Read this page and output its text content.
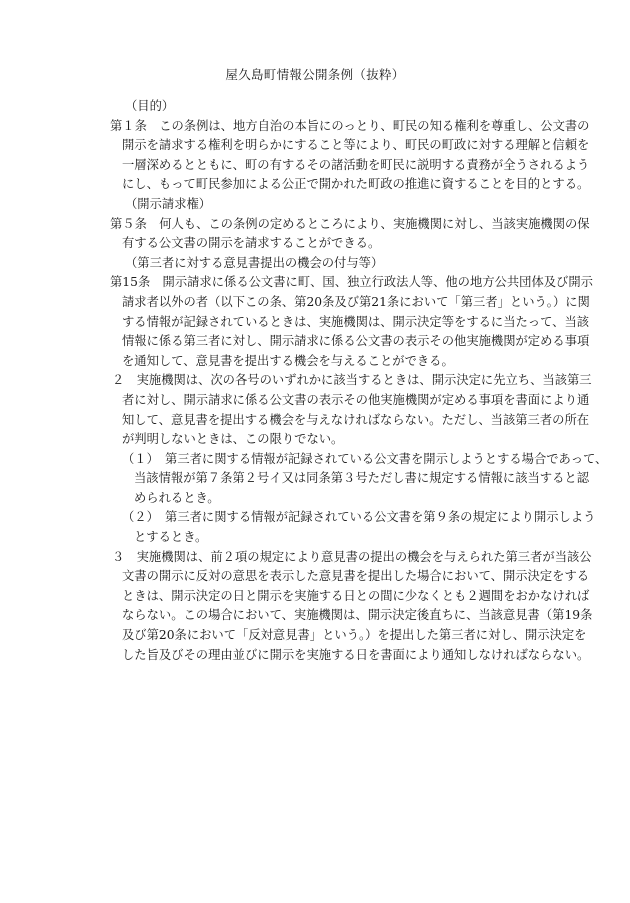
屋久島町情報公開条例（抜粋）
（目的）
第１条　この条例は、地方自治の本旨にのっとり、町民の知る権利を尊重し、公文書の
開示を請求する権利を明らかにすること等により、町民の町政に対する理解と信頼を
一層深めるとともに、町の有するその諸活動を町民に説明する責務が全うされるよう
にし、もって町民参加による公正で開かれた町政の推進に資することを目的とする。
（開示請求権）
第５条　何人も、この条例の定めるところにより、実施機関に対し、当該実施機関の保
有する公文書の開示を請求することができる。
（第三者に対する意見書提出の機会の付与等）
第15条　開示請求に係る公文書に町、国、独立行政法人等、他の地方公共団体及び開示
請求者以外の者（以下この条、第20条及び第21条において「第三者」という。）に関
する情報が記録されているときは、実施機関は、開示決定等をするに当たって、当該
情報に係る第三者に対し、開示請求に係る公文書の表示その他実施機関が定める事項
を通知して、意見書を提出する機会を与えることができる。
２　実施機関は、次の各号のいずれかに該当するときは、開示決定に先立ち、当該第三
者に対し、開示請求に係る公文書の表示その他実施機関が定める事項を書面により通
知して、意見書を提出する機会を与えなければならない。ただし、当該第三者の所在
が判明しないときは、この限りでない。
（１）　第三者に関する情報が記録されている公文書を開示しようとする場合であって、
当該情報が第７条第２号イ又は同条第３号ただし書に規定する情報に該当すると認
められるとき。
（２）　第三者に関する情報が記録されている公文書を第９条の規定により開示しよう
とするとき。
３　実施機関は、前２項の規定により意見書の提出の機会を与えられた第三者が当該公
文書の開示に反対の意思を表示した意見書を提出した場合において、開示決定をする
ときは、開示決定の日と開示を実施する日との間に少なくとも２週間をおかなければ
ならない。この場合において、実施機関は、開示決定後直ちに、当該意見書（第19条
及び第20条において「反対意見書」という。）を提出した第三者に対し、開示決定を
した旨及びその理由並びに開示を実施する日を書面により通知しなければならない。
